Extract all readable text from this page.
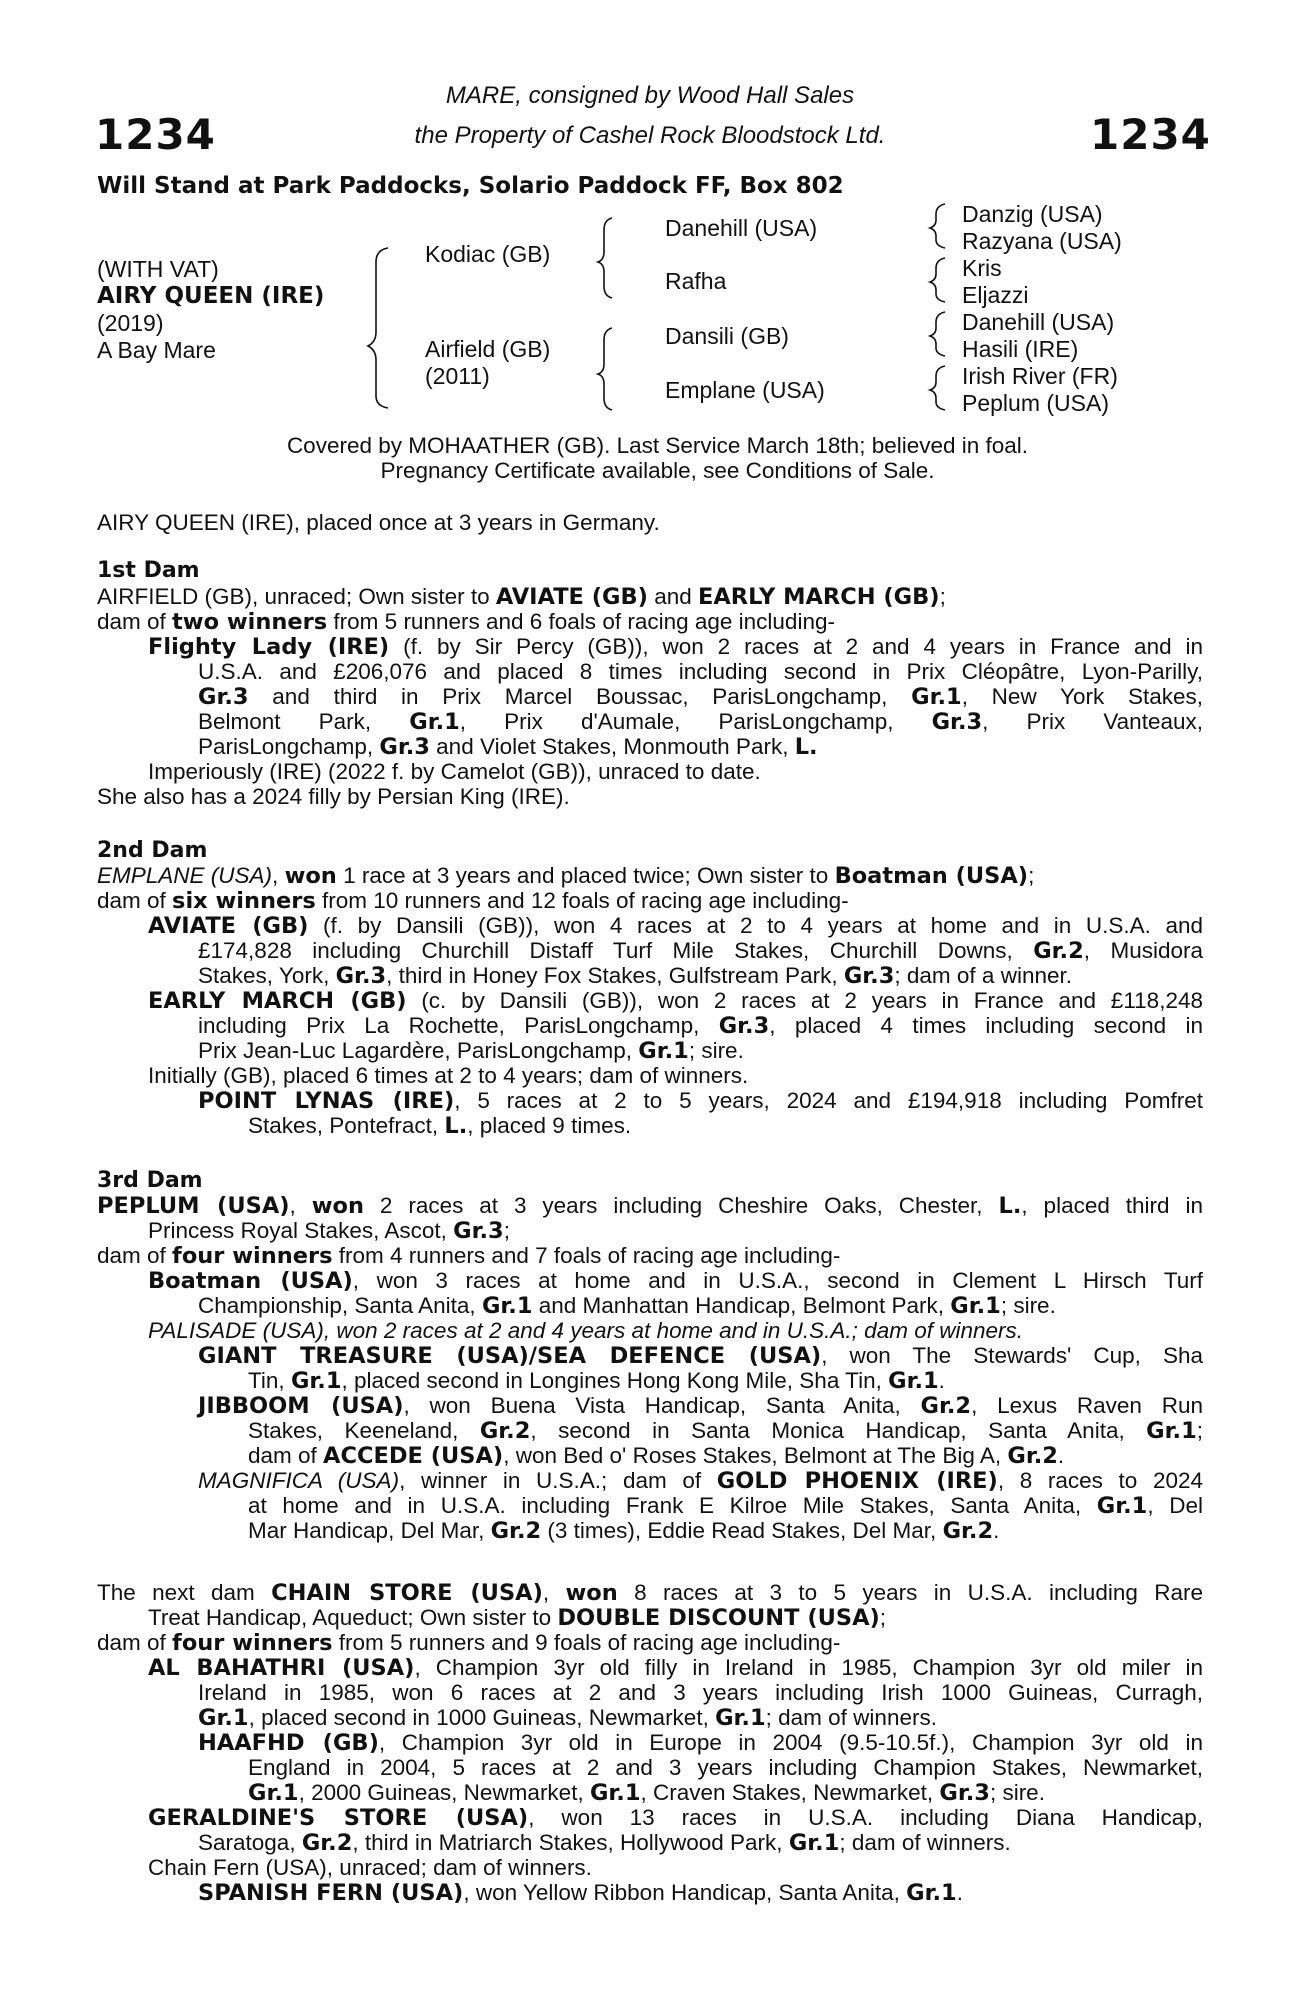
1234	1234
MARE, consigned by Wood Hall Sales
the Property of Cashel Rock Bloodstock Ltd.
Will Stand at Park Paddocks, Solario Paddock FF, Box 802
(WITH VAT)
AIRY QUEEN (IRE)
(2019)
A Bay Mare
Kodiac (GB)
Airfield (GB)
(2011)
Danehill (USA)
Rafha
Dansili (GB)
Emplane (USA)
Danzig (USA)
Razyana (USA)
Kris
Eljazzi
Danehill (USA)
Hasili (IRE)
Irish River (FR)
Peplum (USA)
Covered by MOHAATHER (GB). Last Service March 18th; believed in foal.
Pregnancy Certificate available, see Conditions of Sale.
AIRY QUEEN (IRE), placed once at 3 years in Germany.
1st Dam
AIRFIELD (GB), unraced; Own sister to AVIATE (GB) and EARLY MARCH (GB);
dam of two winners from 5 runners and 6 foals of racing age including-
Flighty Lady (IRE) (f. by Sir Percy (GB)), won 2 races at 2 and 4 years in France and in
U.S.A. and £206,076 and placed 8 times including second in Prix Cléopâtre, Lyon-Parilly,
Gr.3 and third in Prix Marcel Boussac, ParisLongchamp, Gr.1, New York Stakes,
Belmont Park, Gr.1, Prix d'Aumale, ParisLongchamp, Gr.3, Prix Vanteaux,
ParisLongchamp, Gr.3 and Violet Stakes, Monmouth Park, L.
Imperiously (IRE) (2022 f. by Camelot (GB)), unraced to date.
She also has a 2024 filly by Persian King (IRE).
2nd Dam
EMPLANE (USA), won 1 race at 3 years and placed twice; Own sister to Boatman (USA);
dam of six winners from 10 runners and 12 foals of racing age including-
AVIATE (GB) (f. by Dansili (GB)), won 4 races at 2 to 4 years at home and in U.S.A. and
£174,828 including Churchill Distaff Turf Mile Stakes, Churchill Downs, Gr.2, Musidora
Stakes, York, Gr.3, third in Honey Fox Stakes, Gulfstream Park, Gr.3; dam of a winner.
EARLY MARCH (GB) (c. by Dansili (GB)), won 2 races at 2 years in France and £118,248
including Prix La Rochette, ParisLongchamp, Gr.3, placed 4 times including second in
Prix Jean-Luc Lagardère, ParisLongchamp, Gr.1; sire.
Initially (GB), placed 6 times at 2 to 4 years; dam of winners.
POINT LYNAS (IRE), 5 races at 2 to 5 years, 2024 and £194,918 including Pomfret
Stakes, Pontefract, L., placed 9 times.
3rd Dam
PEPLUM (USA), won 2 races at 3 years including Cheshire Oaks, Chester, L., placed third in
Princess Royal Stakes, Ascot, Gr.3;
dam of four winners from 4 runners and 7 foals of racing age including-
Boatman (USA), won 3 races at home and in U.S.A., second in Clement L Hirsch Turf
Championship, Santa Anita, Gr.1 and Manhattan Handicap, Belmont Park, Gr.1; sire.
PALISADE (USA), won 2 races at 2 and 4 years at home and in U.S.A.; dam of winners.
GIANT TREASURE (USA)/SEA DEFENCE (USA), won The Stewards' Cup, Sha
Tin, Gr.1, placed second in Longines Hong Kong Mile, Sha Tin, Gr.1.
JIBBOOM (USA), won Buena Vista Handicap, Santa Anita, Gr.2, Lexus Raven Run
Stakes, Keeneland, Gr.2, second in Santa Monica Handicap, Santa Anita, Gr.1;
dam of ACCEDE (USA), won Bed o' Roses Stakes, Belmont at The Big A, Gr.2.
MAGNIFICA (USA), winner in U.S.A.; dam of GOLD PHOENIX (IRE), 8 races to 2024
at home and in U.S.A. including Frank E Kilroe Mile Stakes, Santa Anita, Gr.1, Del
Mar Handicap, Del Mar, Gr.2 (3 times), Eddie Read Stakes, Del Mar, Gr.2.
The next dam CHAIN STORE (USA), won 8 races at 3 to 5 years in U.S.A. including Rare
Treat Handicap, Aqueduct; Own sister to DOUBLE DISCOUNT (USA);
dam of four winners from 5 runners and 9 foals of racing age including-
AL BAHATHRI (USA), Champion 3yr old filly in Ireland in 1985, Champion 3yr old miler in
Ireland in 1985, won 6 races at 2 and 3 years including Irish 1000 Guineas, Curragh,
Gr.1, placed second in 1000 Guineas, Newmarket, Gr.1; dam of winners.
HAAFHD (GB), Champion 3yr old in Europe in 2004 (9.5-10.5f.), Champion 3yr old in
England in 2004, 5 races at 2 and 3 years including Champion Stakes, Newmarket,
Gr.1, 2000 Guineas, Newmarket, Gr.1, Craven Stakes, Newmarket, Gr.3; sire.
GERALDINE'S STORE (USA), won 13 races in U.S.A. including Diana Handicap,
Saratoga, Gr.2, third in Matriarch Stakes, Hollywood Park, Gr.1; dam of winners.
Chain Fern (USA), unraced; dam of winners.
SPANISH FERN (USA), won Yellow Ribbon Handicap, Santa Anita, Gr.1.
